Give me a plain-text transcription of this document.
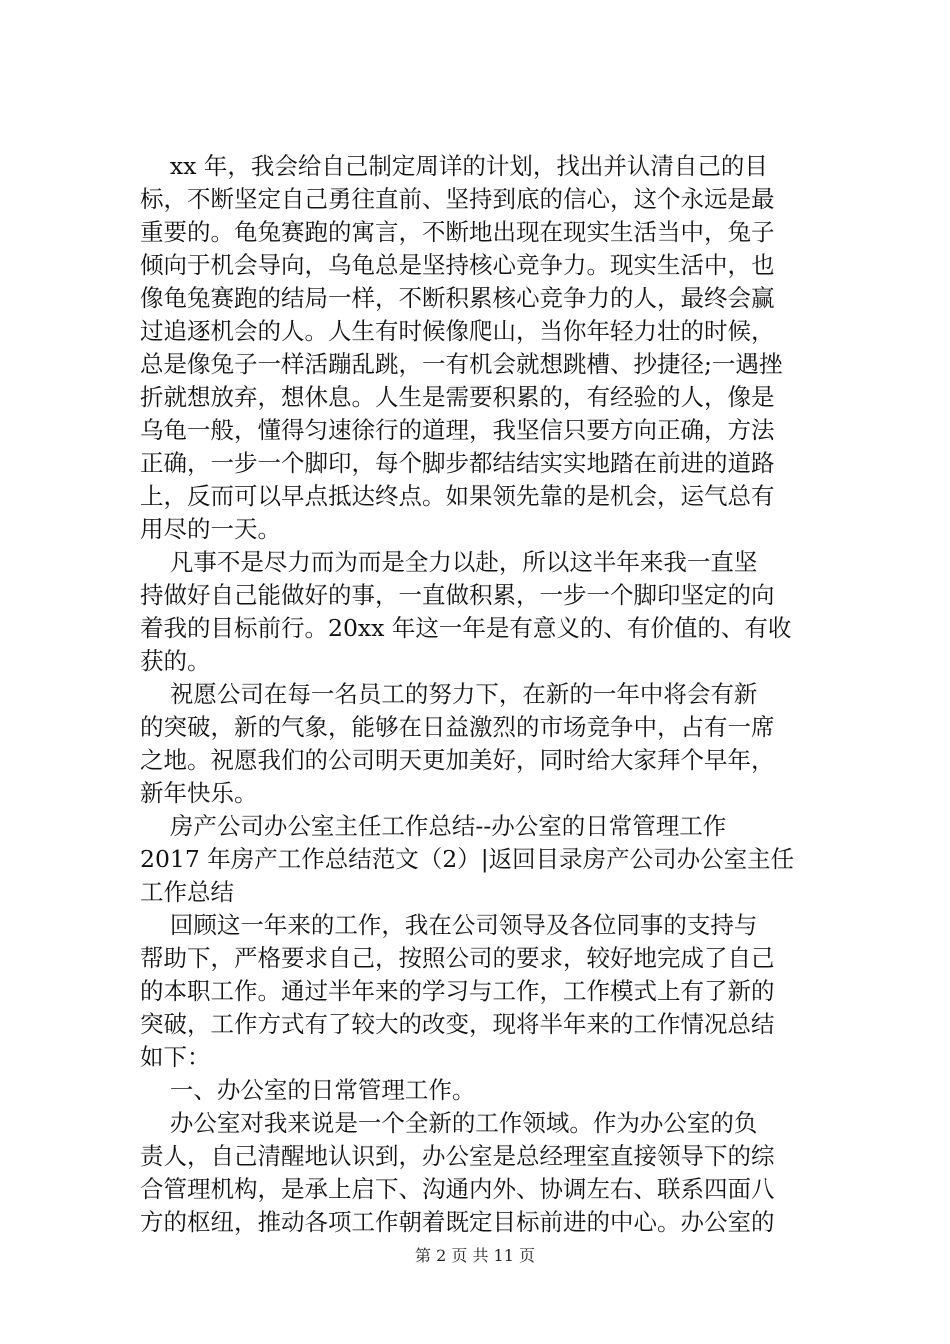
xx 年，我会给自己制定周详的计划，找出并认清自己的目
标，不断坚定自己勇往直前、坚持到底的信心，这个永远是最
重要的。龟兔赛跑的寓言，不断地出现在现实生活当中，兔子
倾向于机会导向，乌龟总是坚持核心竞争力。现实生活中，也
像龟兔赛跑的结局一样，不断积累核心竞争力的人，最终会赢
过追逐机会的人。人生有时候像爬山，当你年轻力壮的时候，
总是像兔子一样活蹦乱跳，一有机会就想跳槽、抄捷径;一遇挫
折就想放弃，想休息。人生是需要积累的，有经验的人，像是
乌龟一般，懂得匀速徐行的道理，我坚信只要方向正确，方法
正确，一步一个脚印，每个脚步都结结实实地踏在前进的道路
上，反而可以早点抵达终点。如果领先靠的是机会，运气总有
用尽的一天。
凡事不是尽力而为而是全力以赴，所以这半年来我一直坚
持做好自己能做好的事，一直做积累，一步一个脚印坚定的向
着我的目标前行。20xx 年这一年是有意义的、有价值的、有收
获的。
祝愿公司在每一名员工的努力下，在新的一年中将会有新
的突破，新的气象，能够在日益激烈的市场竞争中，占有一席
之地。祝愿我们的公司明天更加美好，同时给大家拜个早年，
新年快乐。
房产公司办公室主任工作总结--办公室的日常管理工作
2017 年房产工作总结范文（2）|返回目录房产公司办公室主任
工作总结
回顾这一年来的工作，我在公司领导及各位同事的支持与
帮助下，严格要求自己，按照公司的要求，较好地完成了自己
的本职工作。通过半年来的学习与工作，工作模式上有了新的
突破，工作方式有了较大的改变，现将半年来的工作情况总结
如下：
一、办公室的日常管理工作。
办公室对我来说是一个全新的工作领域。作为办公室的负
责人，自己清醒地认识到，办公室是总经理室直接领导下的综
合管理机构，是承上启下、沟通内外、协调左右、联系四面八
方的枢纽，推动各项工作朝着既定目标前进的中心。办公室的
第 2 页 共 11 页
